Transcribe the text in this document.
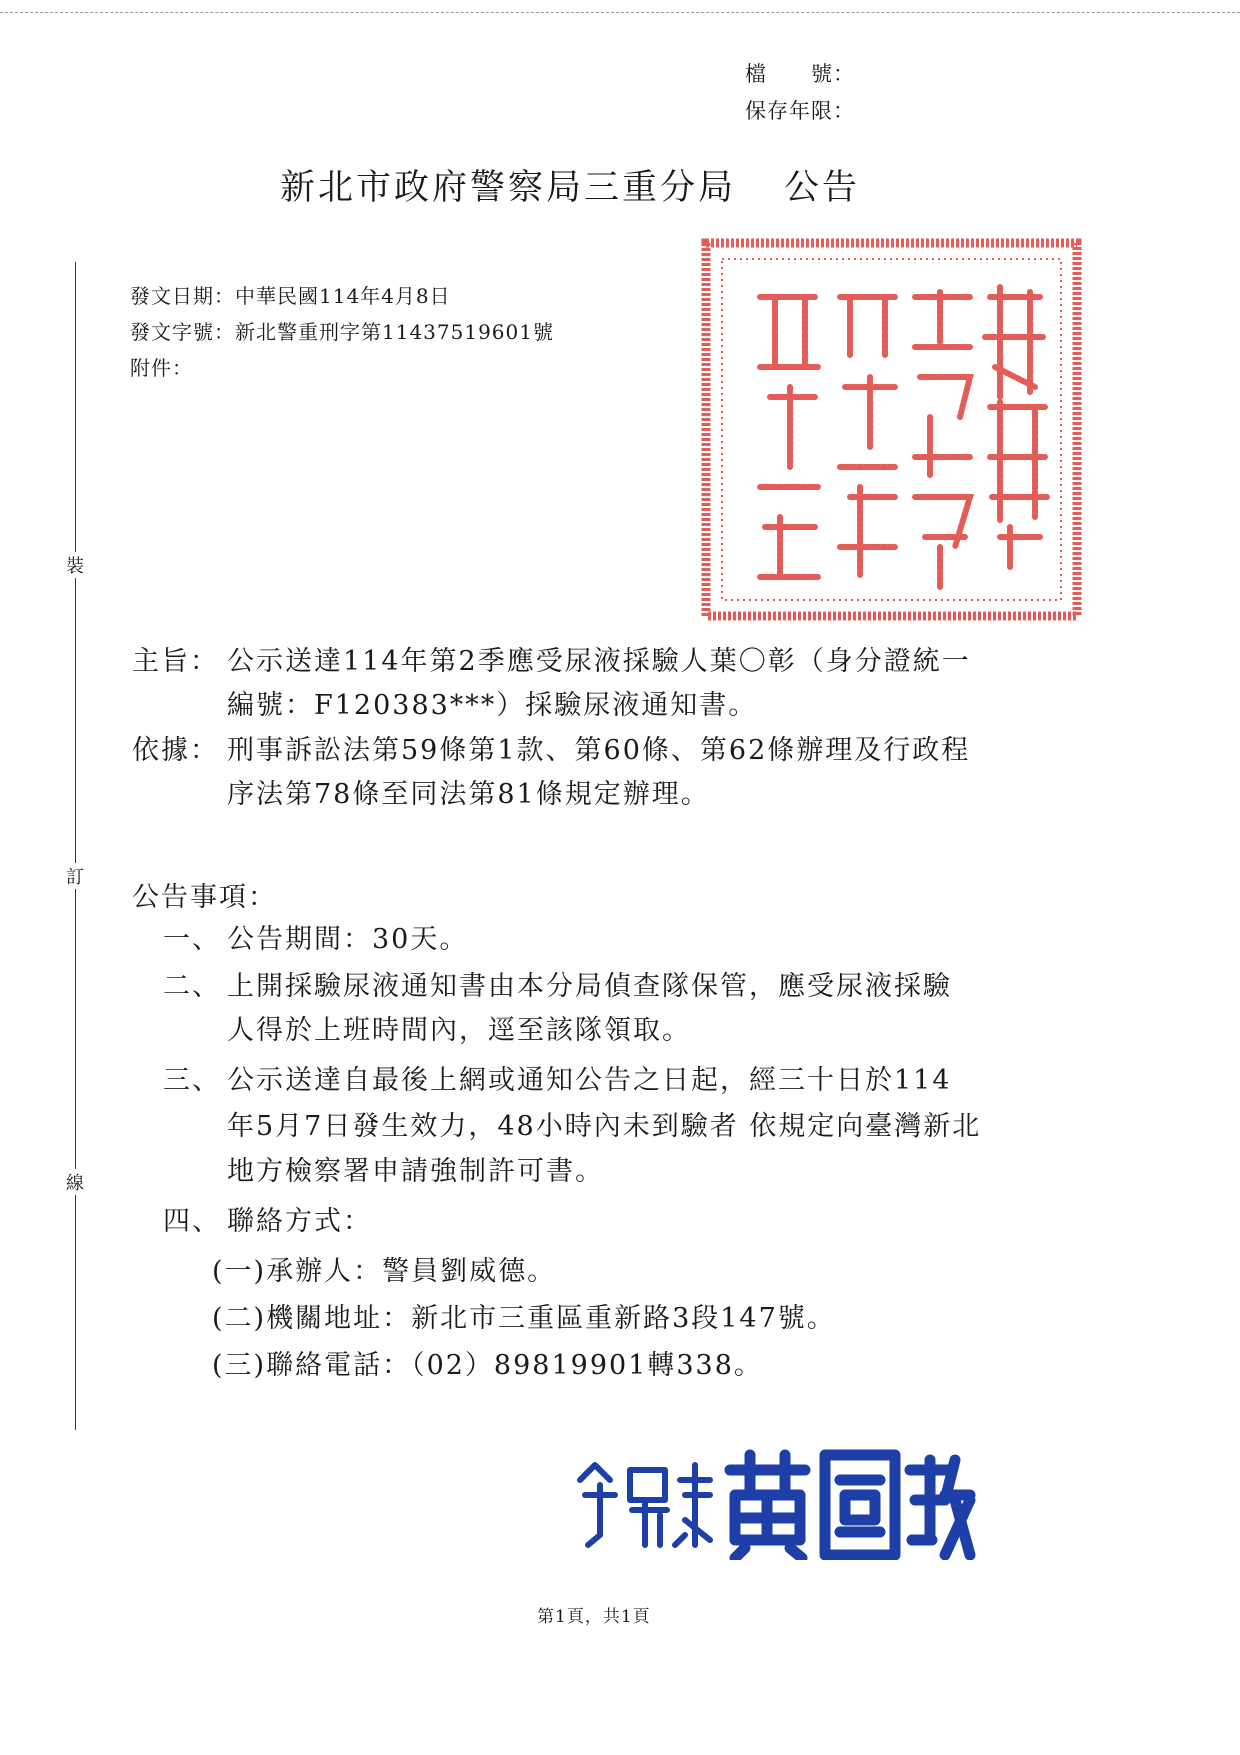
檔　　號：
保存年限：
新北市政府警察局三重分局 公告
裝
訂
線
發文日期：中華民國114年4月8日
發文字號：新北警重刑字第11437519601號
附件：
主旨： 公示送達114年第2季應受尿液採驗人葉〇彰（身分證統一
編號：F120383***）採驗尿液通知書。
依據： 刑事訴訟法第59條第1款、第60條、第62條辦理及行政程
序法第78條至同法第81條規定辦理。
公告事項：
一、 公告期間：30天。
二、 上開採驗尿液通知書由本分局偵查隊保管，應受尿液採驗
人得於上班時間內，逕至該隊領取。
三、 公示送達自最後上網或通知公告之日起，經三十日於114
年5月7日發生效力，48小時內未到驗者 依規定向臺灣新北
地方檢察署申請強制許可書。
四、 聯絡方式：
(一)承辦人：警員劉威德。
(二)機關地址：新北市三重區重新路3段147號。
(三)聯絡電話：（02）89819901轉338。
第1頁，共1頁
